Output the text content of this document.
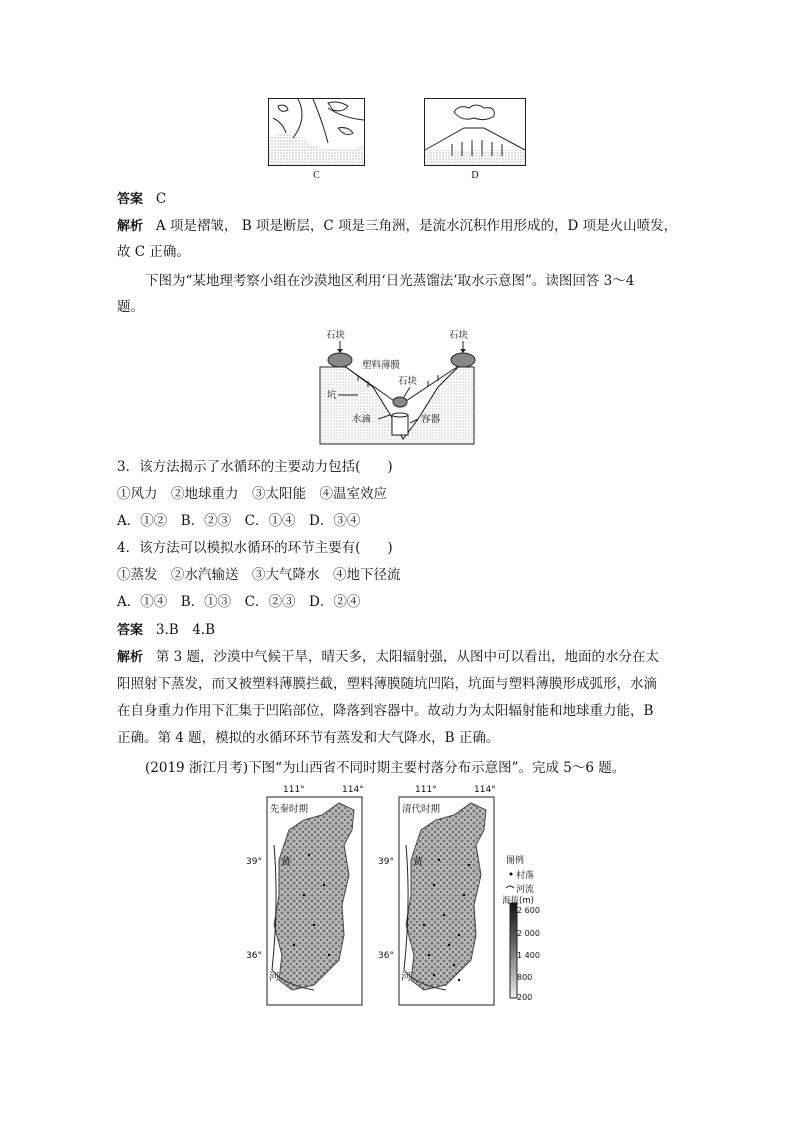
C	D
答案 C
解析 A 项是褶皱， B 项是断层，C 项是三角洲，是流水沉积作用形成的，D 项是火山喷发，
故 C 正确。
下图为“某地理考察小组在沙漠地区利用‘日光蒸馏法’取水示意图”。读图回答 3～4
题。
石块	石块
塑料薄膜
石块
坑
水滴	容器
3．该方法揭示了水循环的主要动力包括(　　)
①风力　②地球重力　③太阳能　④温室效应
A．①②　B．②③　C．①④　D．③④
4．该方法可以模拟水循环的环节主要有(　　)
①蒸发　②水汽输送　③大气降水　④地下径流
A．①④　B．①③　C．②③　D．②④
答案 3.B　4.B
解析 第 3 题，沙漠中气候干旱，晴天多，太阳辐射强，从图中可以看出，地面的水分在太
阳照射下蒸发，而又被塑料薄膜拦截，塑料薄膜随坑凹陷，坑面与塑料薄膜形成弧形，水滴
在自身重力作用下汇集于凹陷部位，降落到容器中。故动力为太阳辐射能和地球重力能，B
正确。第 4 题，模拟的水循环环节有蒸发和大气降水，B 正确。
(2019 浙江月考)下图“为山西省不同时期主要村落分布示意图”。完成 5～6 题。
111°	114°	111°	114°
先秦时期	清代时期
39°
36°
39°
36°
黄
河
黄
河
图例
村落
河流
海拔(m)
2 600
2 000
1 400
800
200
